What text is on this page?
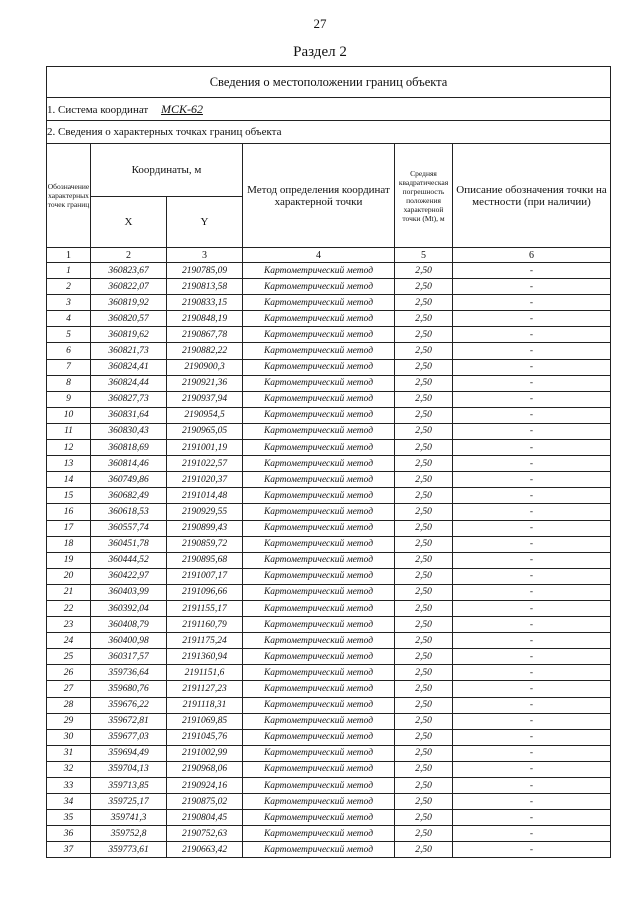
27
Раздел 2
Сведения о местоположении границ объекта					
1. Система координат МСК-62					
2. Сведения о характерных точках границ объекта					
Обозначение характерных точек границ	Координаты, м		Метод определения координат характерной точки	Средняя квадратическая погрешность положения характерной точки (Mt), м	Описание обозначения точки на местности (при наличии)
	X	Y			
1	2	3	4	5	6
1	360823,67	2190785,09	Картометрический метод	2,50	-
2	360822,07	2190813,58	Картометрический метод	2,50	-
3	360819,92	2190833,15	Картометрический метод	2,50	-
4	360820,57	2190848,19	Картометрический метод	2,50	-
5	360819,62	2190867,78	Картометрический метод	2,50	-
6	360821,73	2190882,22	Картометрический метод	2,50	-
7	360824,41	2190900,3	Картометрический метод	2,50	-
8	360824,44	2190921,36	Картометрический метод	2,50	-
9	360827,73	2190937,94	Картометрический метод	2,50	-
10	360831,64	2190954,5	Картометрический метод	2,50	-
11	360830,43	2190965,05	Картометрический метод	2,50	-
12	360818,69	2191001,19	Картометрический метод	2,50	-
13	360814,46	2191022,57	Картометрический метод	2,50	-
14	360749,86	2191020,37	Картометрический метод	2,50	-
15	360682,49	2191014,48	Картометрический метод	2,50	-
16	360618,53	2190929,55	Картометрический метод	2,50	-
17	360557,74	2190899,43	Картометрический метод	2,50	-
18	360451,78	2190859,72	Картометрический метод	2,50	-
19	360444,52	2190895,68	Картометрический метод	2,50	-
20	360422,97	2191007,17	Картометрический метод	2,50	-
21	360403,99	2191096,66	Картометрический метод	2,50	-
22	360392,04	2191155,17	Картометрический метод	2,50	-
23	360408,79	2191160,79	Картометрический метод	2,50	-
24	360400,98	2191175,24	Картометрический метод	2,50	-
25	360317,57	2191360,94	Картометрический метод	2,50	-
26	359736,64	2191151,6	Картометрический метод	2,50	-
27	359680,76	2191127,23	Картометрический метод	2,50	-
28	359676,22	2191118,31	Картометрический метод	2,50	-
29	359672,81	2191069,85	Картометрический метод	2,50	-
30	359677,03	2191045,76	Картометрический метод	2,50	-
31	359694,49	2191002,99	Картометрический метод	2,50	-
32	359704,13	2190968,06	Картометрический метод	2,50	-
33	359713,85	2190924,16	Картометрический метод	2,50	-
34	359725,17	2190875,02	Картометрический метод	2,50	-
35	359741,3	2190804,45	Картометрический метод	2,50	-
36	359752,8	2190752,63	Картометрический метод	2,50	-
37	359773,61	2190663,42	Картометрический метод	2,50	-
